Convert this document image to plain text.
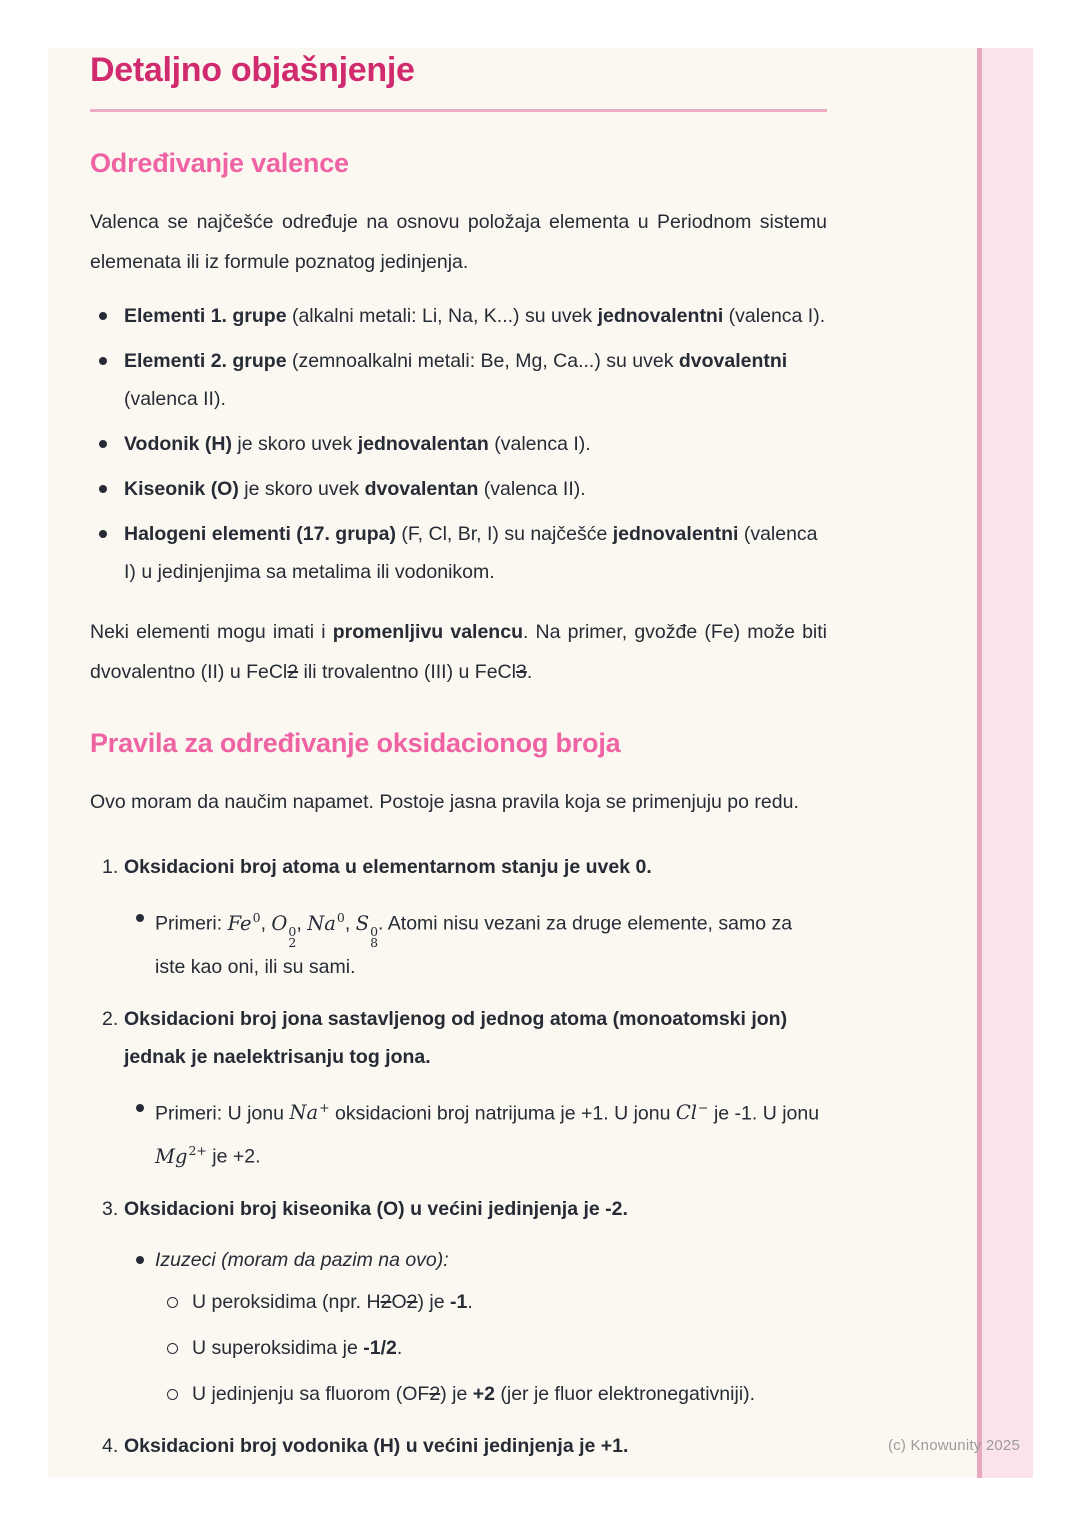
Detaljno objašnjenje
Određivanje valence

Valenca se najčešće određuje na osnovu položaja elementa u Periodnom sistemu elemenata ili iz formule poznatog jedinjenja.

Elementi 1. grupe (alkalni metali: Li, Na, K...) su uvek jednovalentni (valenca I).
Elementi 2. grupe (zemnoalkalni metali: Be, Mg, Ca...) su uvek dvovalentni (valenca II).
Vodonik (H) je skoro uvek jednovalentan (valenca I).
Kiseonik (O) je skoro uvek dvovalentan (valenca II).
Halogeni elementi (17. grupa) (F, Cl, Br, I) su najčešće jednovalentni (valenca I) u jedinjenjima sa metalima ili vodonikom.

Neki elementi mogu imati i promenljivu valencu. Na primer, gvožđe (Fe) može biti dvovalentno (II) u FeCl2 ili trovalentno (III) u FeCl3.

Pravila za određivanje oksidacionog broja

Ovo moram da naučim napamet. Postoje jasna pravila koja se primenjuju po redu.

1. Oksidacioni broj atoma u elementarnom stanju je uvek 0.
Primeri: Fe$^0$, O 0
2
, Na$^0$, S 0
8
. Atomi nisu vezani za druge elemente, samo za iste kao oni, ili su sami.
2. Oksidacioni broj jona sastavljenog od jednog atoma (monoatomski jon) jednak je naelektrisanju tog jona.
Primeri: U jonu Na+ oksidacioni broj natrijuma je +1. U jonu Cl− je -1. U jonu $Mg^{2+}$ je +2.
3. Oksidacioni broj kiseonika (O) u većini jedinjenja je -2.
Izuzeci (moram da pazim na ovo):
U peroksidima (npr. H2O2) je -1.
U superoksidima je -1/2.
U jedinjenju sa fluorom (OF2) je +2 (jer je fluor elektronegativniji).
4. Oksidacioni broj vodonika (H) u većini jedinjenja je +1.	(c) Knowunity 2025
